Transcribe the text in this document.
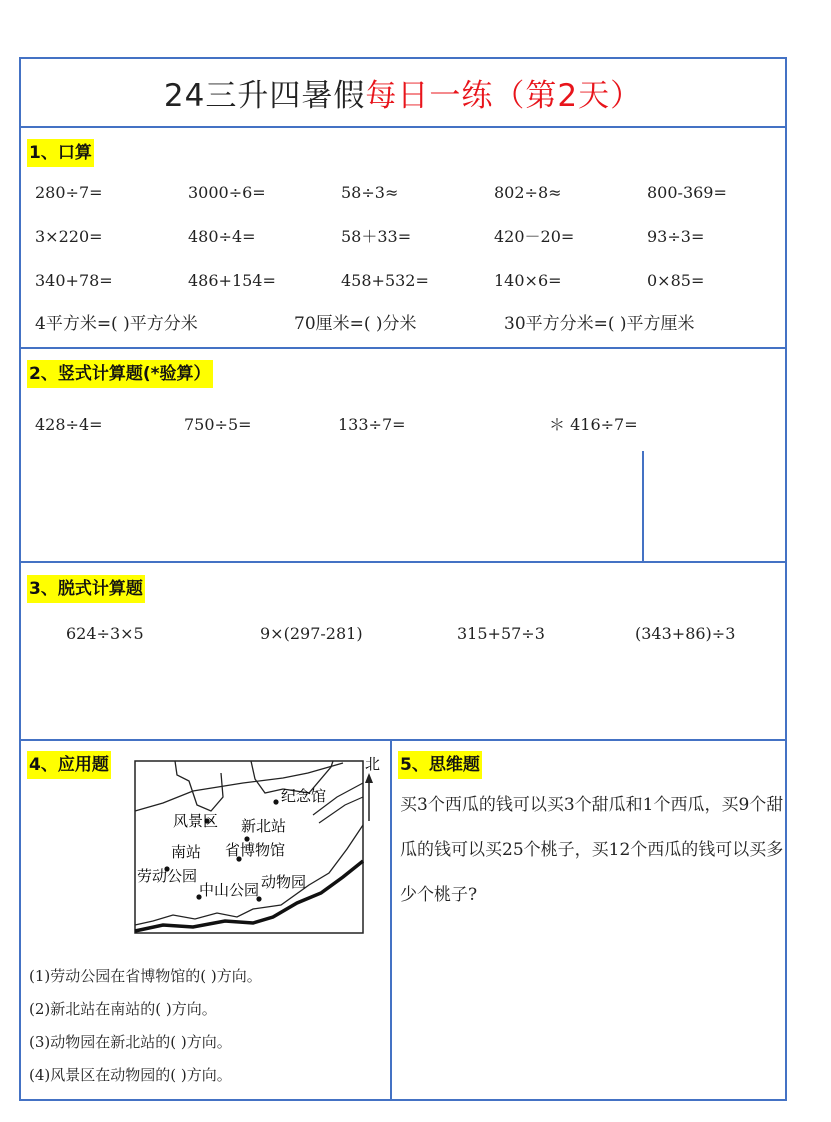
24三升四暑假 每日一练（第2天）
1、口算
280÷7=	3000÷6=	58÷3≈	802÷8≈	800-369=
3×220=	480÷4=	58＋33=	420－20=	93÷3=
340+78=	486+154=	458+532=	140×6=	0×85=
4平方米=( )平方分米	70厘米=( )分米	30平方分米=( )平方厘米
2、竖式计算题(*验算）
428÷4=	750÷5=	133÷7=	＊ 416÷7=
3、脱式计算题
624÷3×5	9×(297-281)	315+57÷3	(343+86)÷3
4、应用题	北
纪念馆
风景区 新北站
南站 省博物馆
劳动公园
中山公园 动物园
(1)劳动公园在省博物馆的( )方向。
(2)新北站在南站的( )方向。
(3)动物园在新北站的( )方向。
(4)风景区在动物园的( )方向。
5、思维题
买3个西瓜的钱可以买3个甜瓜和1个西瓜，买9个甜瓜的钱可以买25个桃子，买12个西瓜的钱可以买多少个桃子?
